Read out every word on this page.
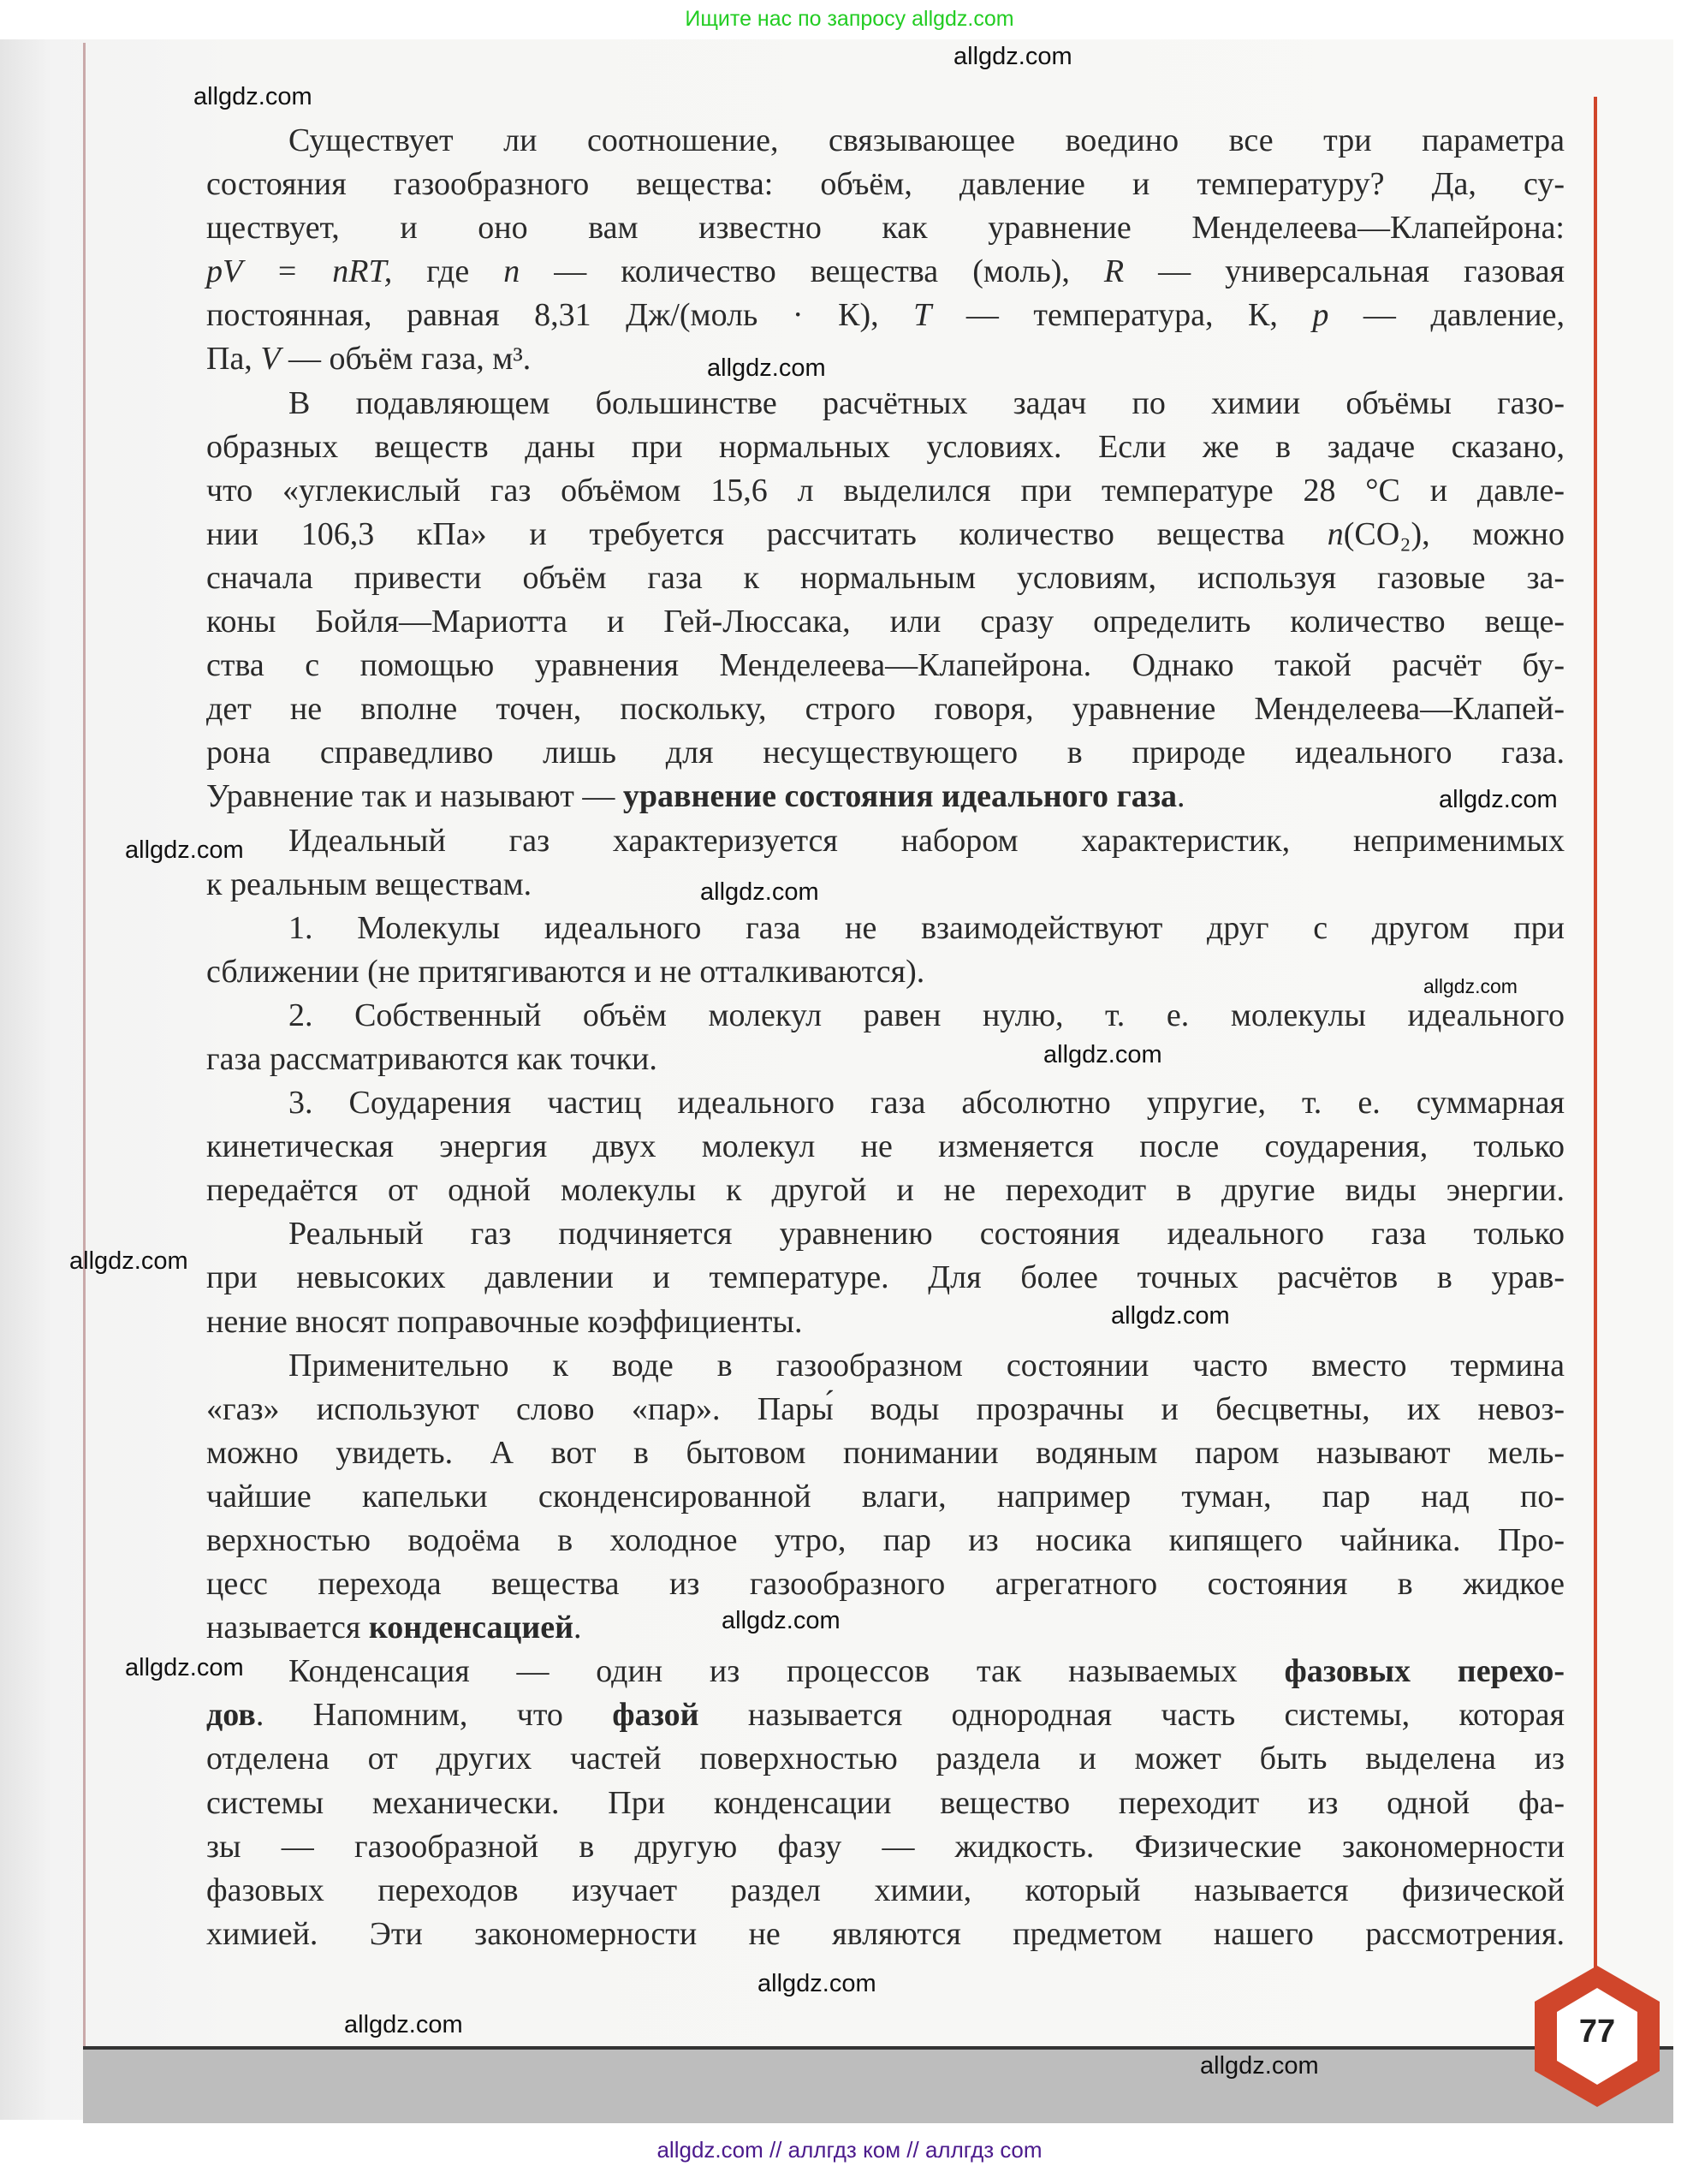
Ищите нас по запросу allgdz.com
77
Существует ли соотношение, связывающее воедино все три параметра
состояния газообразного вещества: объём, давление и температуру? Да, су-
ществует, и оно вам известно как уравнение Менделеева—Клапейрона:
pV = nRT, где n — количество вещества (моль), R — универсальная газовая
постоянная, равная 8,31 Дж/(моль · К), T — температура, К, p — давление,
Па, V — объём газа, м³.
В подавляющем большинстве расчётных задач по химии объёмы газо-
образных веществ даны при нормальных условиях. Если же в задаче сказано,
что «углекислый газ объёмом 15,6 л выделился при температуре 28 °С и давле-
нии 106,3 кПа» и требуется рассчитать количество вещества n (CO₂), можно
сначала привести объём газа к нормальным условиям, используя газовые за-
коны Бойля—Мариотта и Гей-Люссака, или сразу определить количество веще-
ства с помощью уравнения Менделеева—Клапейрона. Однако такой расчёт бу-
дет не вполне точен, поскольку, строго говоря, уравнение Менделеева—Клапей-
рона справедливо лишь для несуществующего в природе идеального газа.
Уравнение так и называют — уравнение состояния идеального газа .
Идеальный газ характеризуется набором характеристик, неприменимых
к реальным веществам.
1. Молекулы идеального газа не взаимодействуют друг с другом при
сближении (не притягиваются и не отталкиваются).
2. Собственный объём молекул равен нулю, т. е. молекулы идеального
газа рассматриваются как точки.
3. Соударения частиц идеального газа абсолютно упругие, т. е. суммарная
кинетическая энергия двух молекул не изменяется после соударения, только
передаётся от одной молекулы к другой и не переходит в другие виды энергии.
Реальный газ подчиняется уравнению состояния идеального газа только
при невысоких давлении и температуре. Для более точных расчётов в урав-
нение вносят поправочные коэффициенты.
Применительно к воде в газообразном состоянии часто вместо термина
«газ» используют слово «пар». Пары́ воды прозрачны и бесцветны, их невоз-
можно увидеть. А вот в бытовом понимании водяным паром называют мель-
чайшие капельки сконденсированной влаги, например туман, пар над по-
верхностью водоёма в холодное утро, пар из носика кипящего чайника. Про-
цесс перехода вещества из газообразного агрегатного состояния в жидкое
называется конденсацией .
Конденсация — один из процессов так называемых фазовых перехо-
дов . Напомним, что фазой называется однородная часть системы, которая
отделена от других частей поверхностью раздела и может быть выделена из
системы механически. При конденсации вещество переходит из одной фа-
зы — газообразной в другую фазу — жидкость. Физические закономерности
фазовых переходов изучает раздел химии, который называется физической
химией. Эти закономерности не являются предметом нашего рассмотрения.
allgdz.com
allgdz.com
allgdz.com
allgdz.com
allgdz.com
allgdz.com
allgdz.com
allgdz.com
allgdz.com
allgdz.com
allgdz.com
allgdz.com
allgdz.com
allgdz.com
allgdz.com
allgdz.com // аллгдз ком // аллгдз com
